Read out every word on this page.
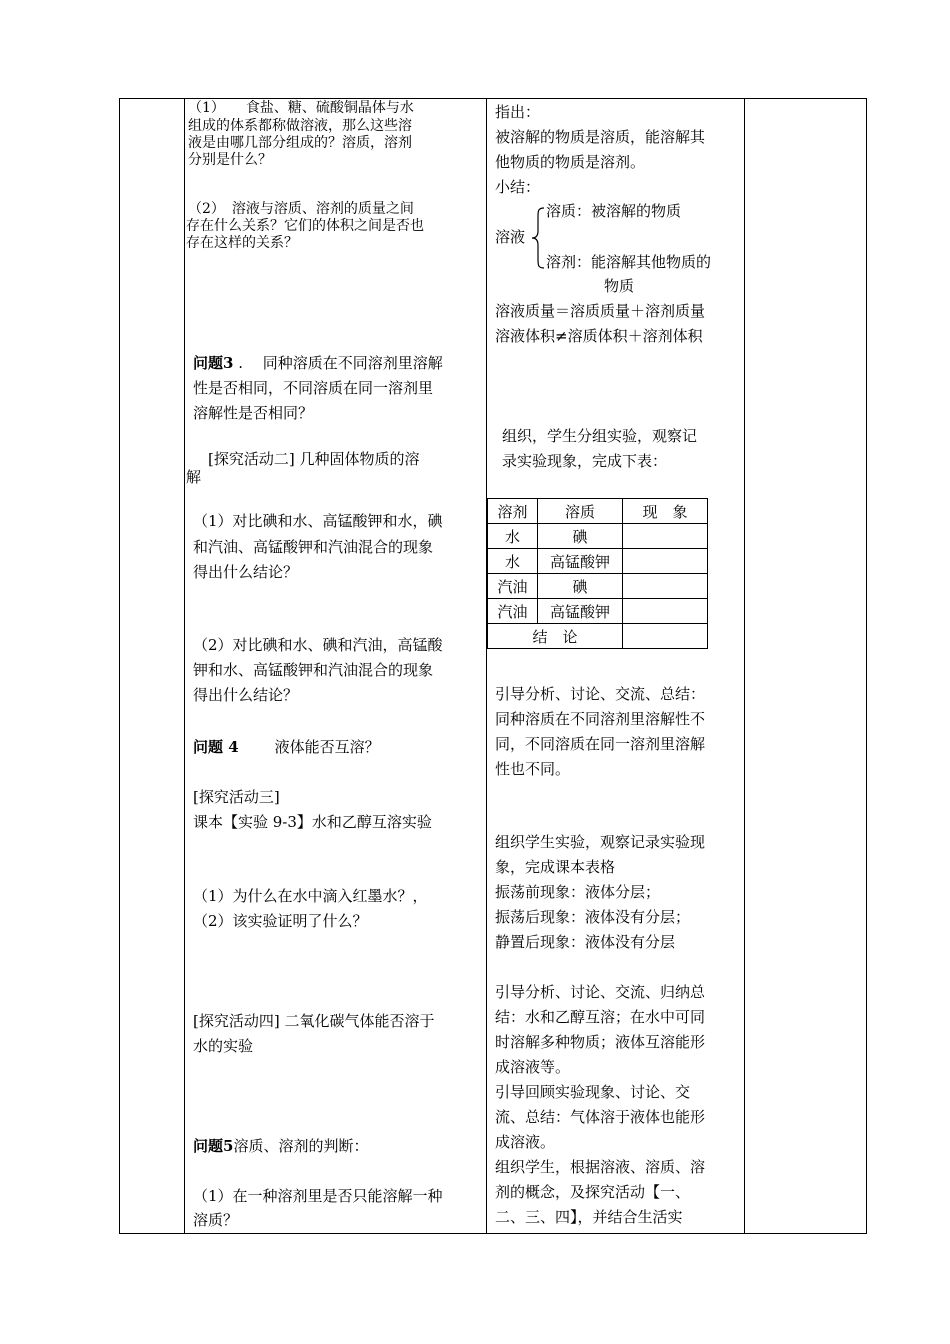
（1）　　食盐、糖、硫酸铜晶体与水
组成的体系都称做溶液，那么这些溶
液是由哪几部分组成的？溶质，溶剂
分别是什么？
（2）　溶液与溶质、溶剂的质量之间
存在什么关系？它们的体积之间是否也
存在这样的关系？
问题3 .　 同种溶质在不同溶剂里溶解
性是否相同，不同溶质在同一溶剂里
溶解性是否相同？
　[探究活动二] 几种固体物质的溶
解
（1）对比碘和水、高锰酸钾和水，碘
和汽油、高锰酸钾和汽油混合的现象
得出什么结论？
（2）对比碘和水、碘和汽油，高锰酸
钾和水、高锰酸钾和汽油混合的现象
得出什么结论？
问题 4 液体能否互溶？
[探究活动三]
课本【实验 9-3】水和乙醇互溶实验
（1）为什么在水中滴入红墨水？，
（2）该实验证明了什么？
[探究活动四] 二氧化碳气体能否溶于
水的实验
问题5溶质、溶剂的判断：
（1）在一种溶剂里是否只能溶解一种
溶质？
指出：
被溶解的物质是溶质，能溶解其
他物质的物质是溶剂。
小结：
溶质：被溶解的物质
溶液
溶剂：能溶解其他物质的
物质
溶液质量＝溶质质量＋溶剂质量
溶液体积≠溶质体积＋溶剂体积
组织，学生分组实验，观察记
录实验现象，完成下表：
溶剂	溶质	现　象
水	碘	
水	高锰酸钾	
汽油	碘	
汽油	高锰酸钾	
结　论		
引导分析、讨论、交流、总结：
同种溶质在不同溶剂里溶解性不
同，不同溶质在同一溶剂里溶解
性也不同。
组织学生实验，观察记录实验现
象，完成课本表格
振荡前现象：液体分层；
振荡后现象：液体没有分层；
静置后现象：液体没有分层
引导分析、讨论、交流、归纳总
结：水和乙醇互溶；在水中可同
时溶解多种物质；液体互溶能形
成溶液等。
引导回顾实验现象、讨论、交
流、总结：气体溶于液体也能形
成溶液。
组织学生，根据溶液、溶质、溶
剂的概念，及探究活动【一、
二、三、四】，并结合生活实
